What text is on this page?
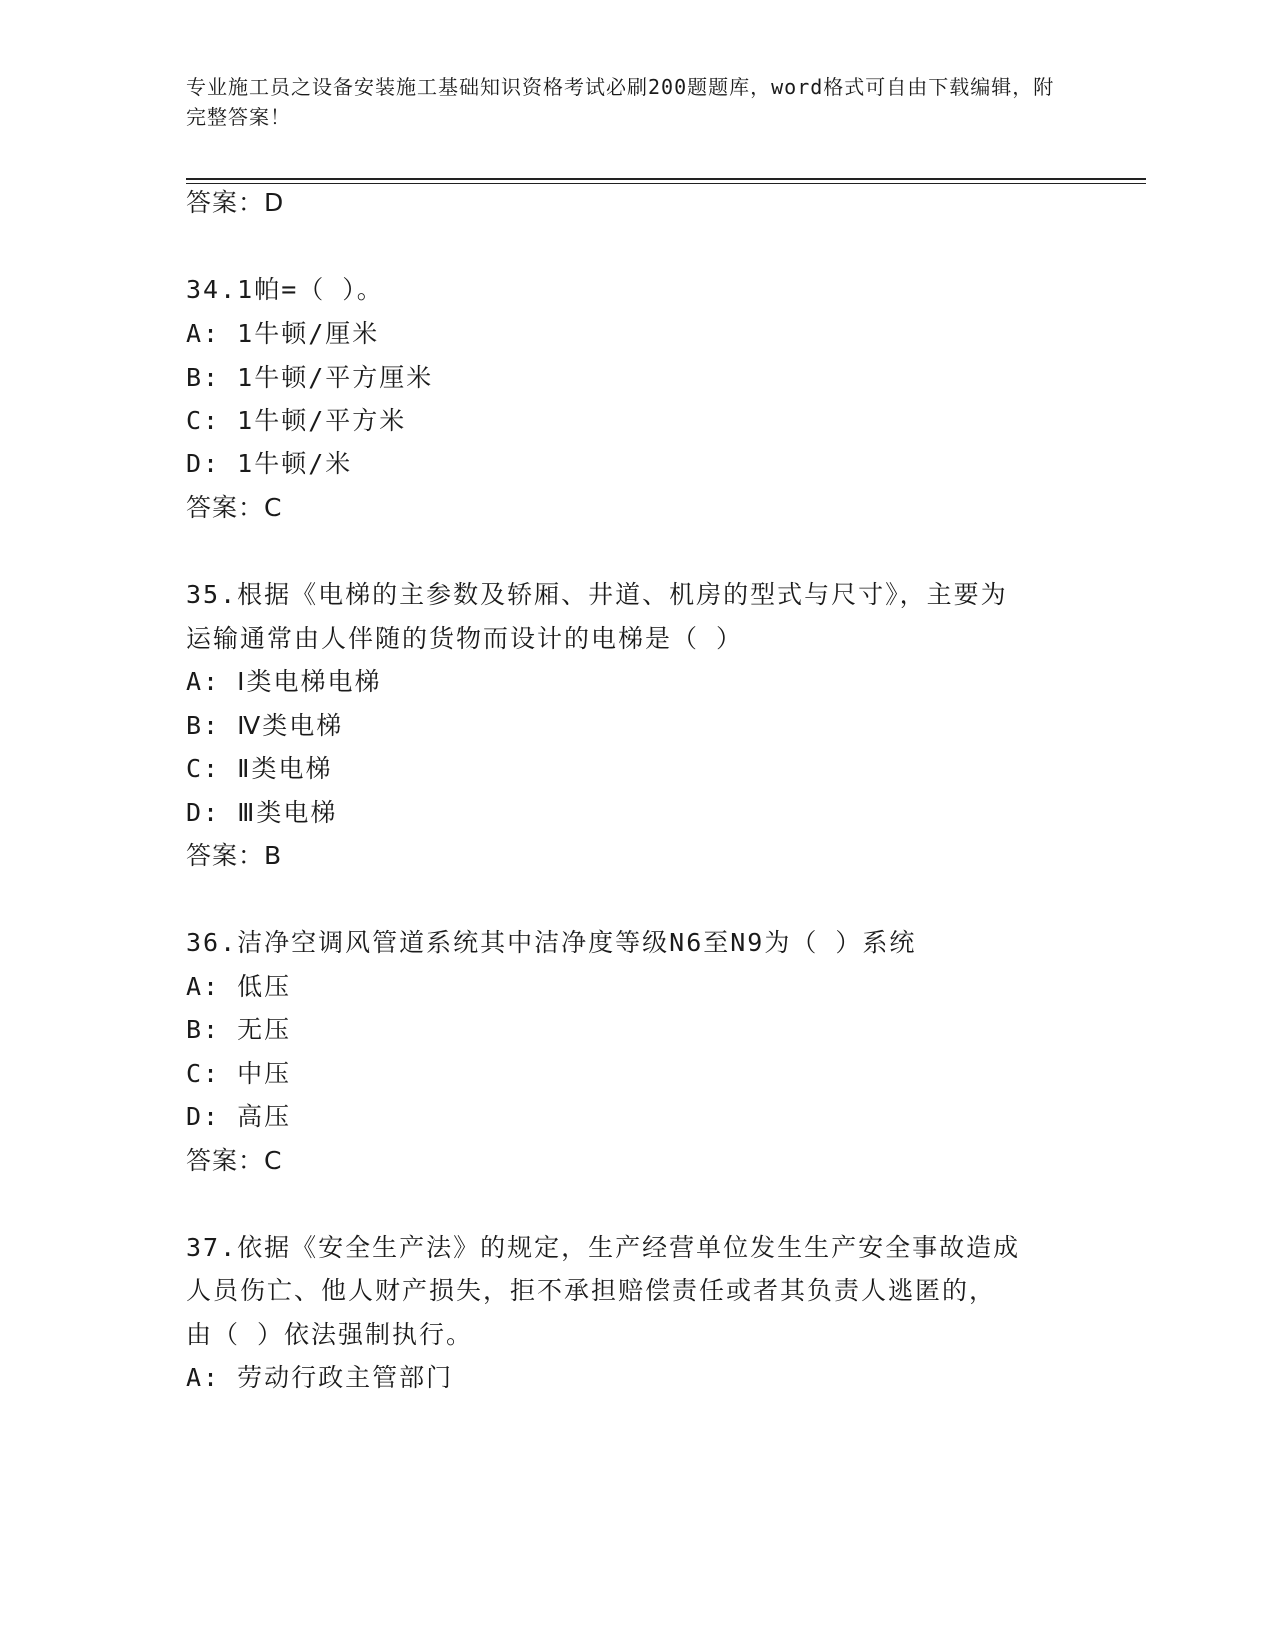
专业施工员之设备安装施工基础知识资格考试必刷200题题库，word格式可自由下载编辑，附完整答案！
答案：D
34.1帕=（ ）。
A: 1牛顿/厘米
B: 1牛顿/平方厘米
C: 1牛顿/平方米
D: 1牛顿/米
答案：C
35.根据《电梯的主参数及轿厢、井道、机房的型式与尺寸》，主要为
运输通常由人伴随的货物而设计的电梯是（ ）
A: Ⅰ类电梯电梯
B: Ⅳ类电梯
C: Ⅱ类电梯
D: Ⅲ类电梯
答案：B
36.洁净空调风管道系统其中洁净度等级N6至N9为（ ）系统
A: 低压
B: 无压
C: 中压
D: 高压
答案：C
37.依据《安全生产法》的规定，生产经营单位发生生产安全事故造成
人员伤亡、他人财产损失，拒不承担赔偿责任或者其负责人逃匿的，
由（ ）依法强制执行。
A: 劳动行政主管部门
